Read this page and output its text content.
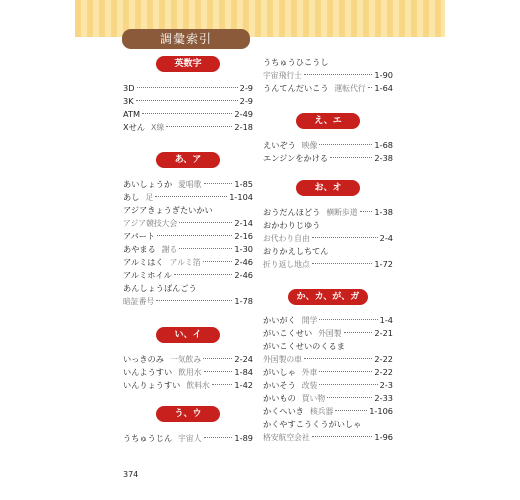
調彙索引
英数字
3D	2-9
3K	2-9
ATM	2-49
Xせん X線	2-18
あ、ア
あいしょうか 愛唱歌	1-85
あし 足	1-104
アジアきょうぎたいかい
アジア競技大会	2-14
アパート	2-16
あやまる 謝る	1-30
アルミはく アルミ箔	2-46
アルミホイル	2-46
あんしょうばんごう
暗証番号	1-78
い、イ
いっきのみ 一気飲み	2-24
いんようすい 飲用水	1-84
いんりょうすい 飲料水	1-42
う、ウ
うちゅうじん 宇宙人	1-89
うちゅうひこうし
宇宙飛行士	1-90
うんてんだいこう 運転代行 1-64
え、エ
えいぞう 映像	1-68
エンジンをかける	2-38
お、オ
おうだんほどう 横断歩道 1-38
おかわりじゆう
お代わり自由	2-4
おりかえしちてん
折り返し地点	1-72
か、カ、が、ガ
かいがく 開学	1-4
がいこくせい 外国製	2-21
がいこくせいのくるま
外国製の車	2-22
がいしゃ 外車	2-22
かいそう 改装	2-3
かいもの 買い物	2-33
かくへいき 核兵器	1-106
かくやすこうくうがいしゃ
格安航空会社	1-96
374
